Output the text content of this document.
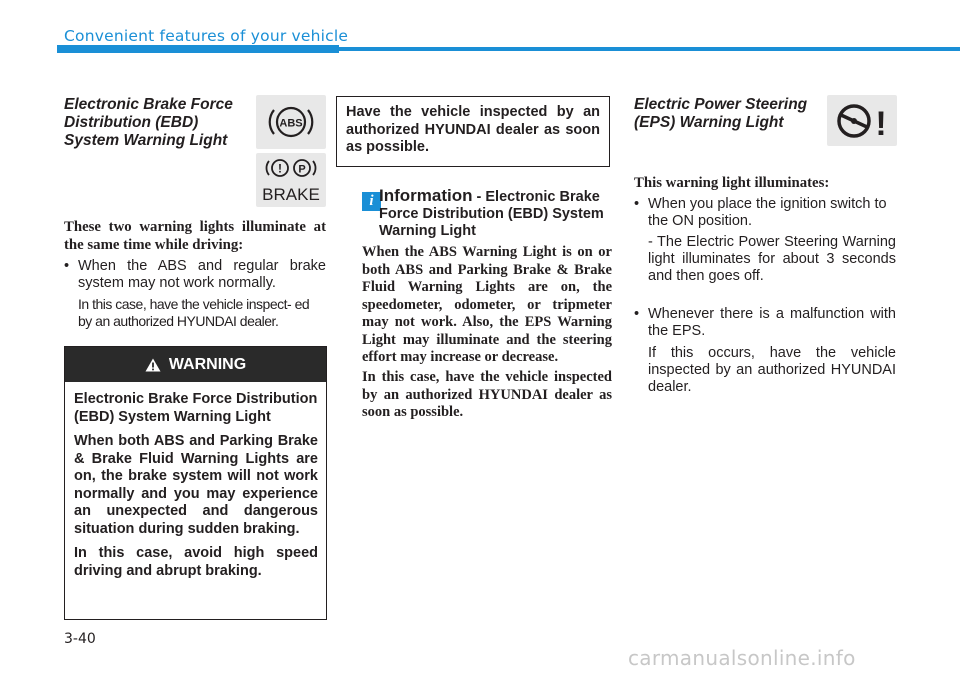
Convenient features of your vehicle
Electronic Brake Force
Distribution (EBD)
System Warning Light
ABS
! P
BRAKE
These two warning lights illuminate at the same time while driving:
• When the ABS and regular brake system may not work normally.
In this case, have the vehicle inspect- ed by an authorized HYUNDAI dealer.
WARNING
Electronic Brake Force Distribution (EBD) System Warning Light
When both ABS and Parking Brake & Brake Fluid Warning Lights are on, the brake system will not work normally and you may experience an unexpected and dangerous situation during sudden braking.
In this case, avoid high speed driving and abrupt braking.
Have the vehicle inspected by an authorized HYUNDAI dealer as soon as possible.
i Information - Electronic Brake Force Distribution (EBD) System Warning Light
When the ABS Warning Light is on or both ABS and Parking Brake & Brake Fluid Warning Lights are on, the speedometer, odometer, or tripmeter may not work. Also, the EPS Warning Light may illuminate and the steering effort may increase or decrease.
In this case, have the vehicle inspected by an authorized HYUNDAI dealer as soon as possible.
Electric Power Steering
(EPS) Warning Light	!
This warning light illuminates:
• When you place the ignition switch to the ON position.
- The Electric Power Steering Warning light illuminates for about 3 seconds and then goes off.
• Whenever there is a malfunction with the EPS.
If this occurs, have the vehicle inspected by an authorized HYUNDAI dealer.
3-40
carmanualsonline.info
